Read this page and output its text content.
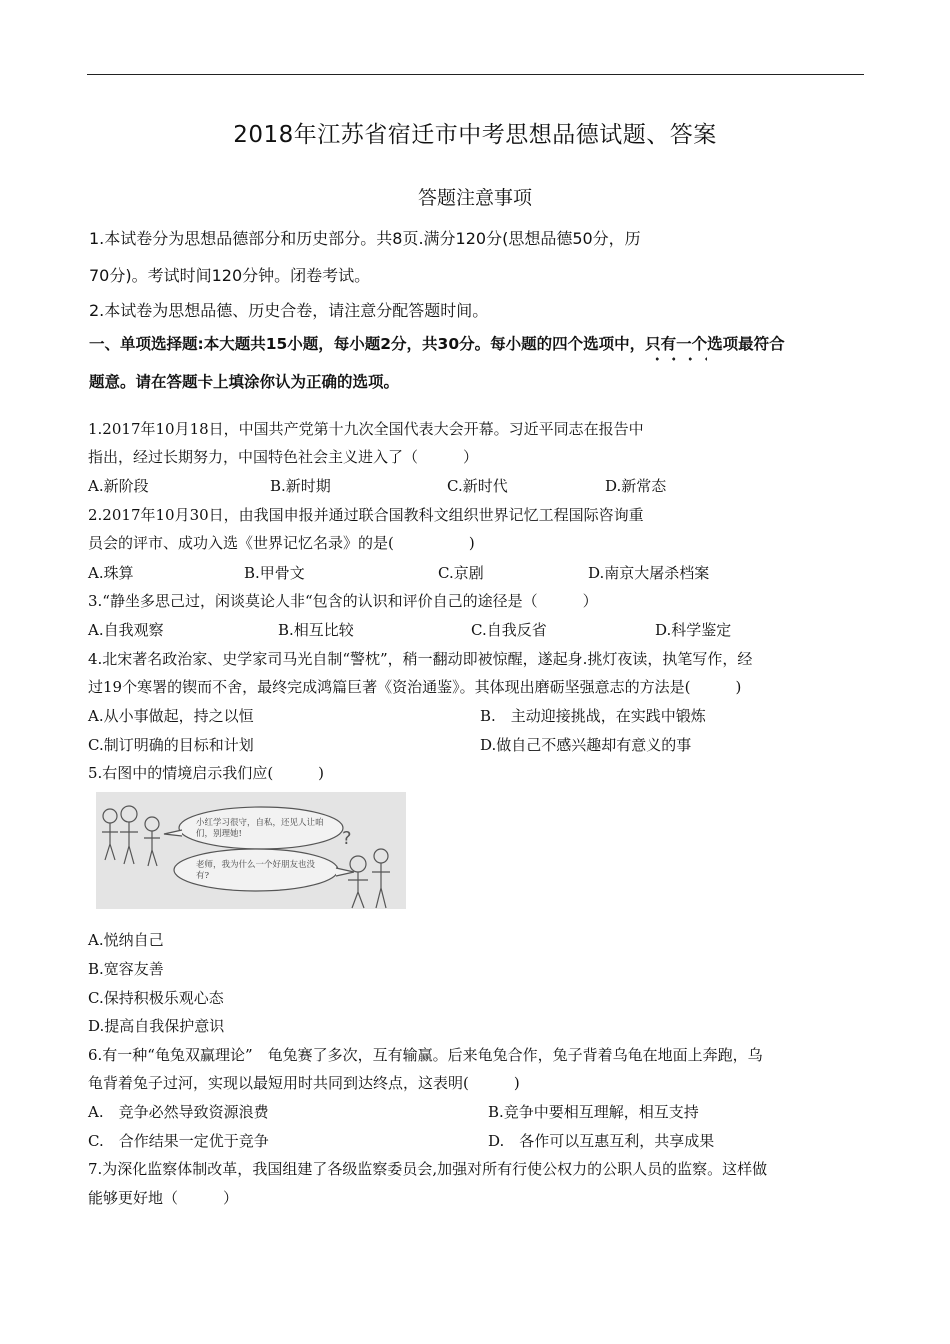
2018年江苏省宿迁市中考思想品德试题、答案
答题注意事项
1.本试卷分为思想品德部分和历史部分。共8页.满分120分(思想品德50分，历
70分)。考试时间120分钟。闭卷考试。
2.本试卷为思想品德、历史合卷，请注意分配答题时间。
一、单项选择题:本大题共15小题，每小题2分，共30分。每小题的四个选项中，只有一个
选项最符合
题意。请在答题卡上填涂你认为正确的选项。
1.2017年10月18日，中国共产党第十九次全国代表大会开幕。习近平同志在报告中
指出，经过长期努力，中国特色社会主义进入了（　　　）
A.新阶段	B.新时期	C.新时代	D.新常态
2.2017年10月30日，由我国申报并通过联合国教科文组织世界记忆工程国际咨询重
员会的评市、成功入选《世界记忆名录》的是(　　　　　)
A.珠算	B.甲骨文	C.京剧	D.南京大屠杀档案
3.“静坐多思己过，闲谈莫论人非“包含的认识和评价自己的途径是（　　　）
A.自我观察	B.相互比较	C.自我反省	D.科学鉴定
4.北宋著名政治家、史学家司马光自制“警枕”，稍一翻动即被惊醒，遂起身.挑灯夜读，执笔写作，经
过19个寒署的锲而不舍，最终完成鸿篇巨著《资治通鉴》。其体现出磨砺坚强意志的方法是(　　　)
A.从小事做起，持之以恒	B.　主动迎接挑战，在实践中锻炼
C.制订明确的目标和计划	D.做自己不感兴趣却有意义的事
5.右图中的情境启示我们应(　　　)
?
小红学习很守，自私，还见人让咱们，别理她!
老师，我为什么一个好朋友也没有?
A.悦纳自己
B.宽容友善
C.保持积极乐观心态
D.提高自我保护意识
6.有一种“龟兔双赢理论”　龟兔赛了多次，互有输赢。后来龟兔合作，兔子背着乌龟在地面上奔跑，乌
龟背着兔子过河，实现以最短用时共同到达终点，这表明(　　　)
A.　竞争必然导致资源浪费	B.竞争中要相互理解，相互支持
C.　合作结果一定优于竞争	D.　各作可以互惠互利，共享成果
7.为深化监察体制改革，我国组建了各级监察委员会,加强对所有行使公权力的公职人员的监察。这样做
能够更好地（　　　）
